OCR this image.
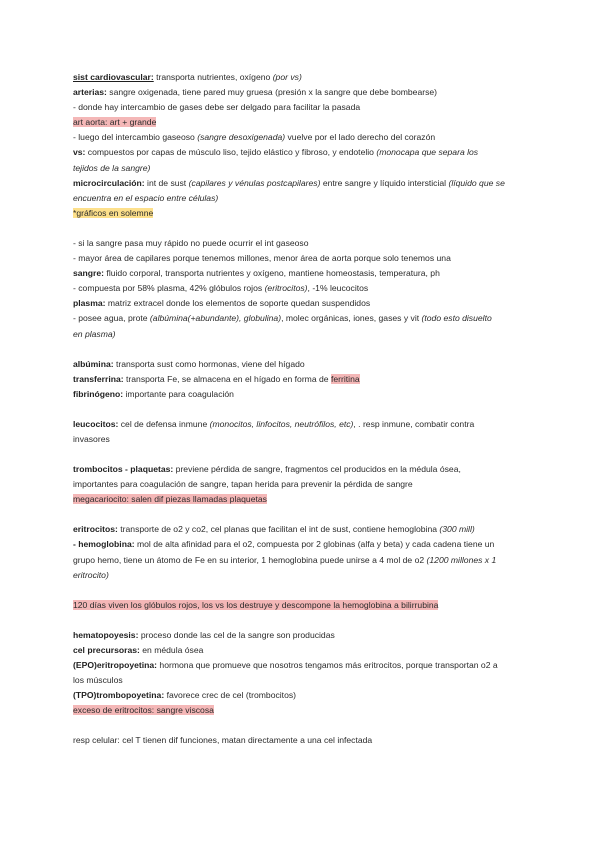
sist cardiovascular: transporta nutrientes, oxígeno (por vs)
arterias: sangre oxigenada, tiene pared muy gruesa (presión x la sangre que debe bombearse)
- donde hay intercambio de gases debe ser delgado para facilitar la pasada
art aorta: art + grande
- luego del intercambio gaseoso (sangre desoxigenada) vuelve por el lado derecho del corazón
vs: compuestos por capas de músculo liso, tejido elástico y fibroso, y endotelio (monocapa que separa los
tejidos de la sangre)
microcirculación: int de sust (capilares y vénulas postcapilares) entre sangre y líquido intersticial (líquido que se
encuentra en el espacio entre células)
*gráficos en solemne
- si la sangre pasa muy rápido no puede ocurrir el int gaseoso
- mayor área de capilares porque tenemos millones, menor área de aorta porque solo tenemos una
sangre: fluido corporal, transporta nutrientes y oxígeno, mantiene homeostasis, temperatura, ph
- compuesta por 58% plasma, 42% glóbulos rojos (eritrocitos), -1% leucocitos
plasma: matriz extracel donde los elementos de soporte quedan suspendidos
- posee agua, prote (albúmina(+abundante), globulina), molec orgánicas, iones, gases y vit (todo esto disuelto
en plasma)
albúmina: transporta sust como hormonas, viene del hígado
transferrina: transporta Fe, se almacena en el hígado en forma de ferritina
fibrinógeno: importante para coagulación
leucocitos: cel de defensa inmune (monocitos, linfocitos, neutrófilos, etc), . resp inmune, combatir contra
invasores
trombocitos - plaquetas: previene pérdida de sangre, fragmentos cel producidos en la médula ósea,
importantes para coagulación de sangre, tapan herida para prevenir la pérdida de sangre
megacariocito: salen dif piezas llamadas plaquetas
eritrocitos: transporte de o2 y co2, cel planas que facilitan el int de sust, contiene hemoglobina (300 mill)
- hemoglobina: mol de alta afinidad para el o2, compuesta por 2 globinas (alfa y beta) y cada cadena tiene un
grupo hemo, tiene un átomo de Fe en su interior, 1 hemoglobina puede unirse a 4 mol de o2 (1200 millones x 1
eritrocito)
120 días viven los glóbulos rojos, los vs los destruye y descompone la hemoglobina a bilirrubina
hematopoyesis: proceso donde las cel de la sangre son producidas
cel precursoras: en médula ósea
(EPO)eritropoyetina: hormona que promueve que nosotros tengamos más eritrocitos, porque transportan o2 a
los músculos
(TPO)trombopoyetina: favorece crec de cel (trombocitos)
exceso de eritrocitos: sangre viscosa
resp celular: cel T tienen dif funciones, matan directamente a una cel infectada
